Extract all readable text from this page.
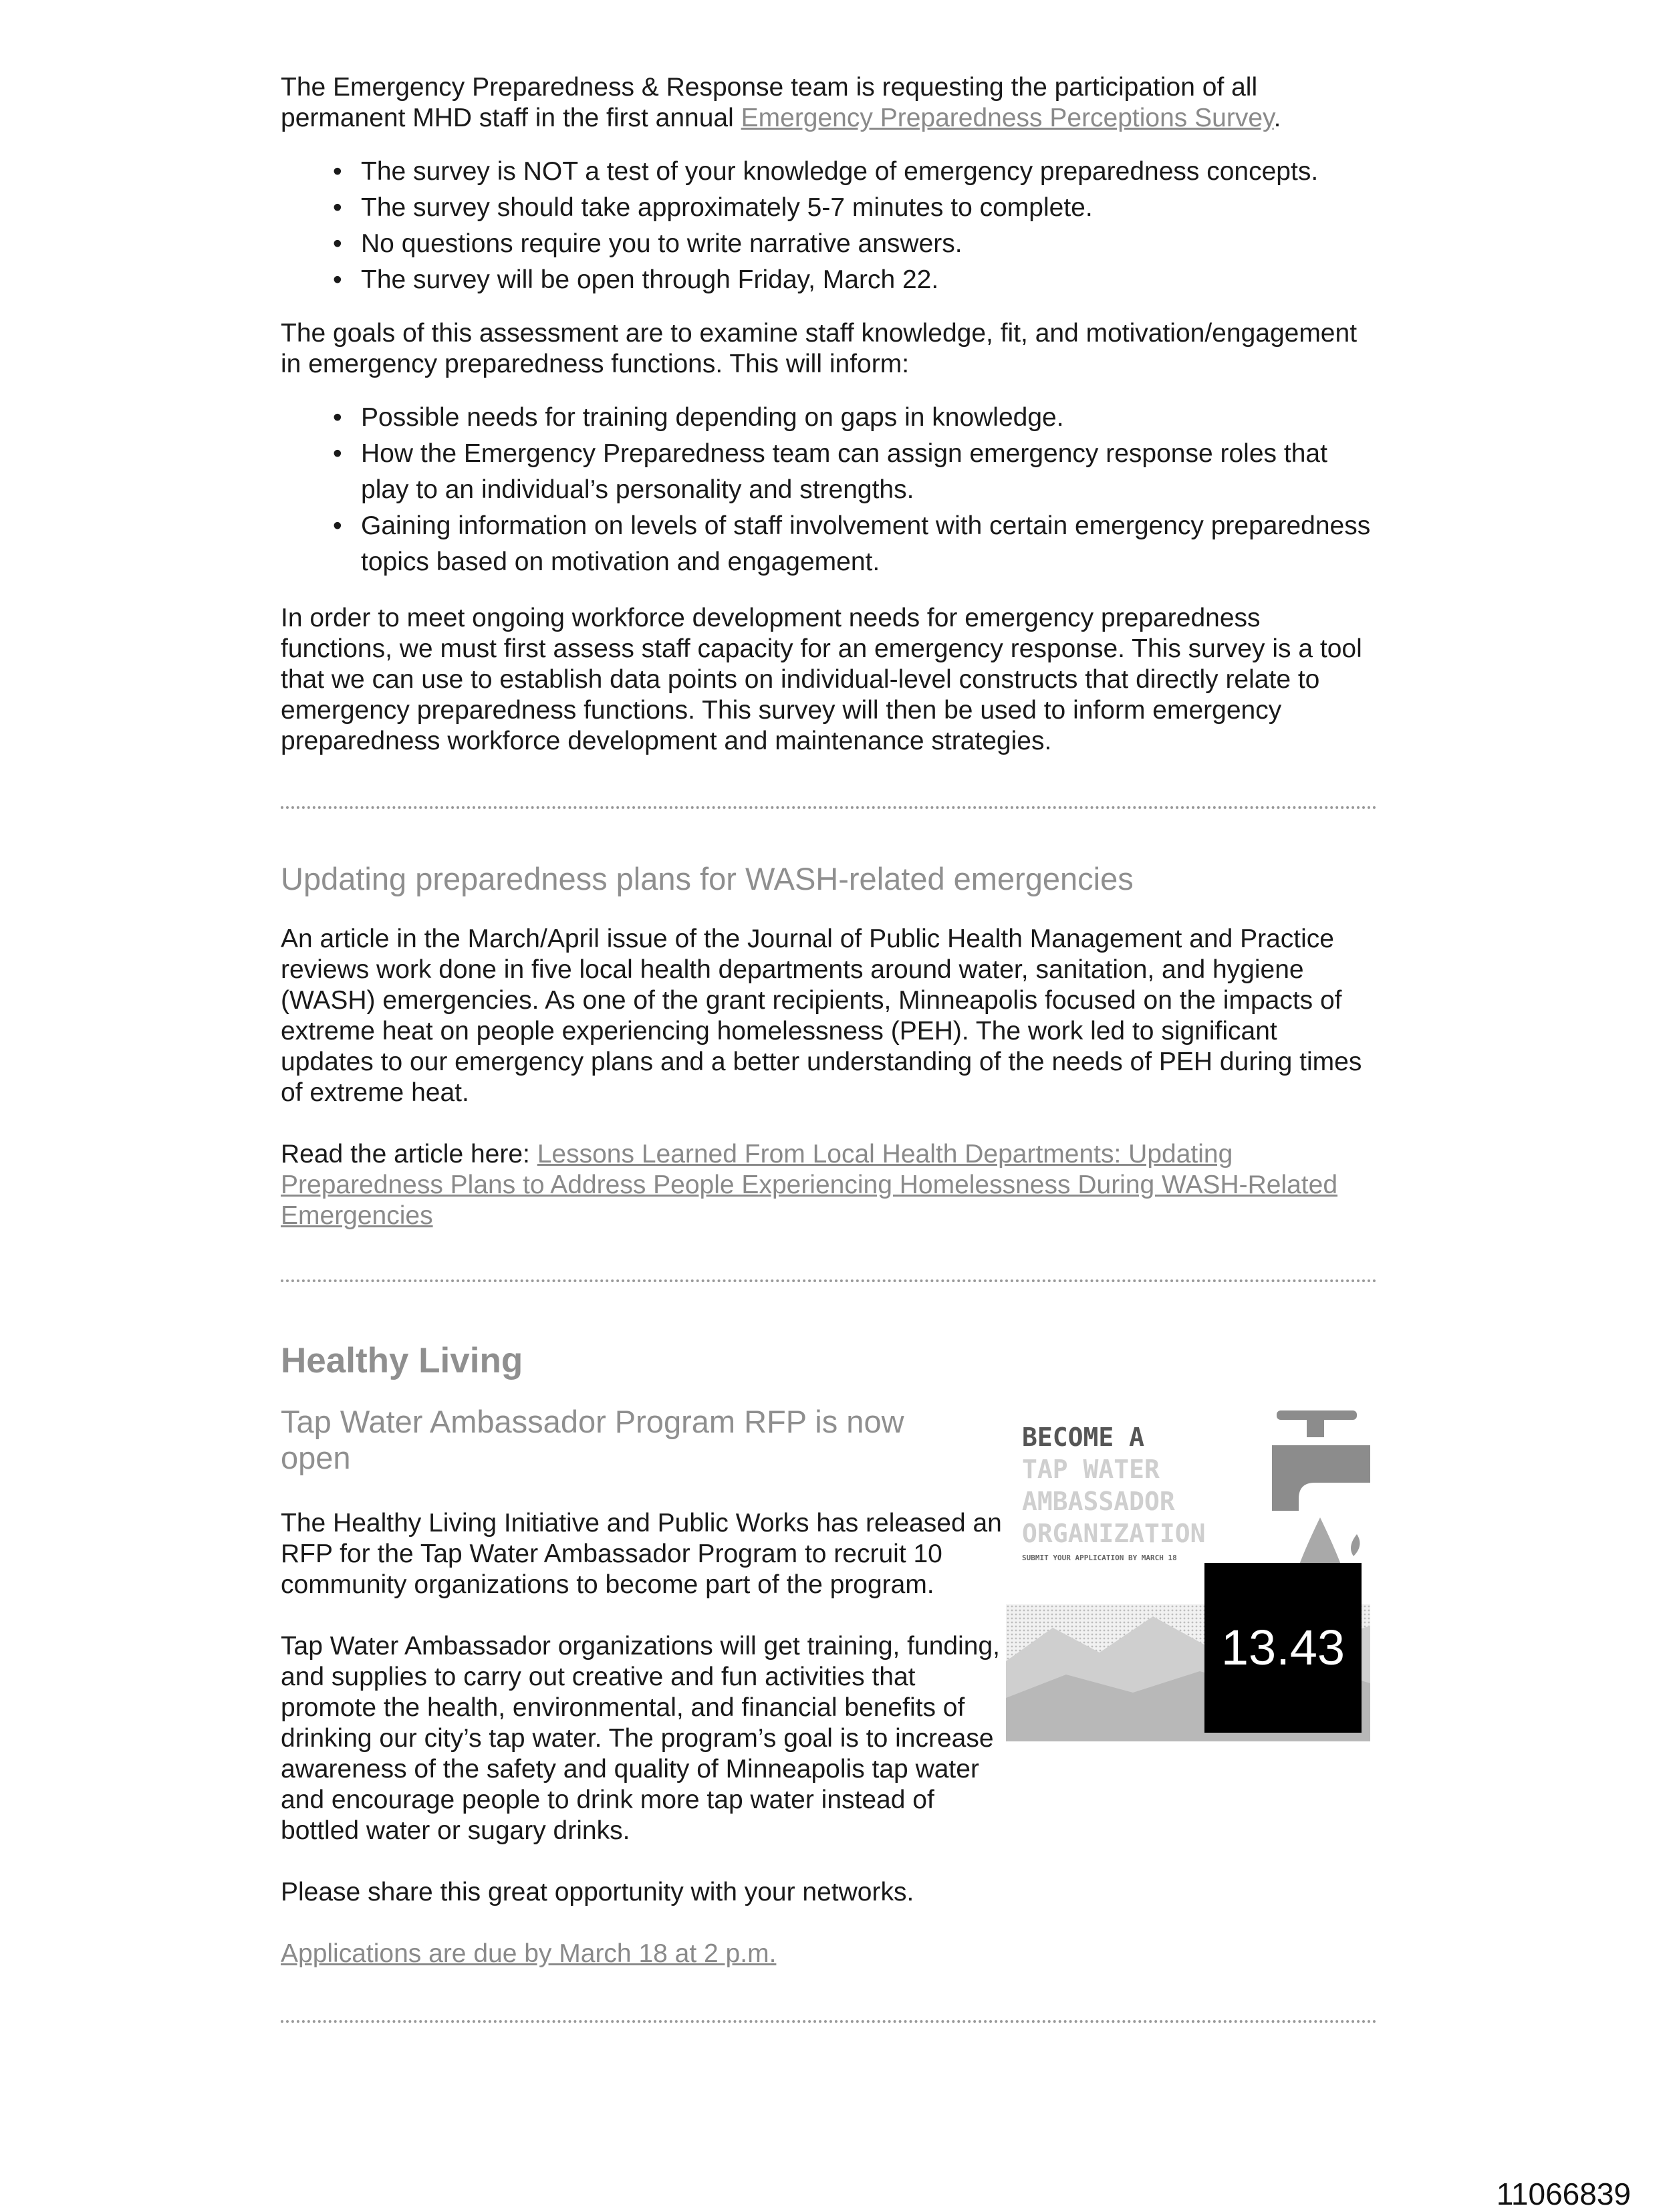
The Emergency Preparedness & Response team is requesting the participation of all permanent MHD staff in the first annual Emergency Preparedness Perceptions Survey.

• The survey is NOT a test of your knowledge of emergency preparedness concepts.
• The survey should take approximately 5-7 minutes to complete.
• No questions require you to write narrative answers.
• The survey will be open through Friday, March 22.

The goals of this assessment are to examine staff knowledge, fit, and motivation/engagement in emergency preparedness functions. This will inform:

• Possible needs for training depending on gaps in knowledge.
• How the Emergency Preparedness team can assign emergency response roles that play to an individual’s personality and strengths.
• Gaining information on levels of staff involvement with certain emergency preparedness topics based on motivation and engagement.

In order to meet ongoing workforce development needs for emergency preparedness functions, we must first assess staff capacity for an emergency response. This survey is a tool that we can use to establish data points on individual-level constructs that directly relate to emergency preparedness functions. This survey will then be used to inform emergency preparedness workforce development and maintenance strategies.

Updating preparedness plans for WASH-related emergencies

An article in the March/April issue of the Journal of Public Health Management and Practice reviews work done in five local health departments around water, sanitation, and hygiene (WASH) emergencies. As one of the grant recipients, Minneapolis focused on the impacts of extreme heat on people experiencing homelessness (PEH). The work led to significant updates to our emergency plans and a better understanding of the needs of PEH during times of extreme heat.

Read the article here: Lessons Learned From Local Health Departments: Updating Preparedness Plans to Address People Experiencing Homelessness During WASH-Related Emergencies

Healthy Living
BECOME A
TAP WATER
AMBASSADOR
ORGANIZATION
SUBMIT YOUR APPLICATION BY MARCH 18
13.43
Tap Water Ambassador Program RFP is now open

The Healthy Living Initiative and Public Works has released an RFP for the Tap Water Ambassador Program to recruit 10 community organizations to become part of the program.

Tap Water Ambassador organizations will get training, funding, and supplies to carry out creative and fun activities that promote the health, environmental, and financial benefits of drinking our city’s tap water. The program’s goal is to increase awareness of the safety and quality of Minneapolis tap water and encourage people to drink more tap water instead of bottled water or sugary drinks.

Please share this great opportunity with your networks.

Applications are due by March 18 at 2 p.m.

11066839
